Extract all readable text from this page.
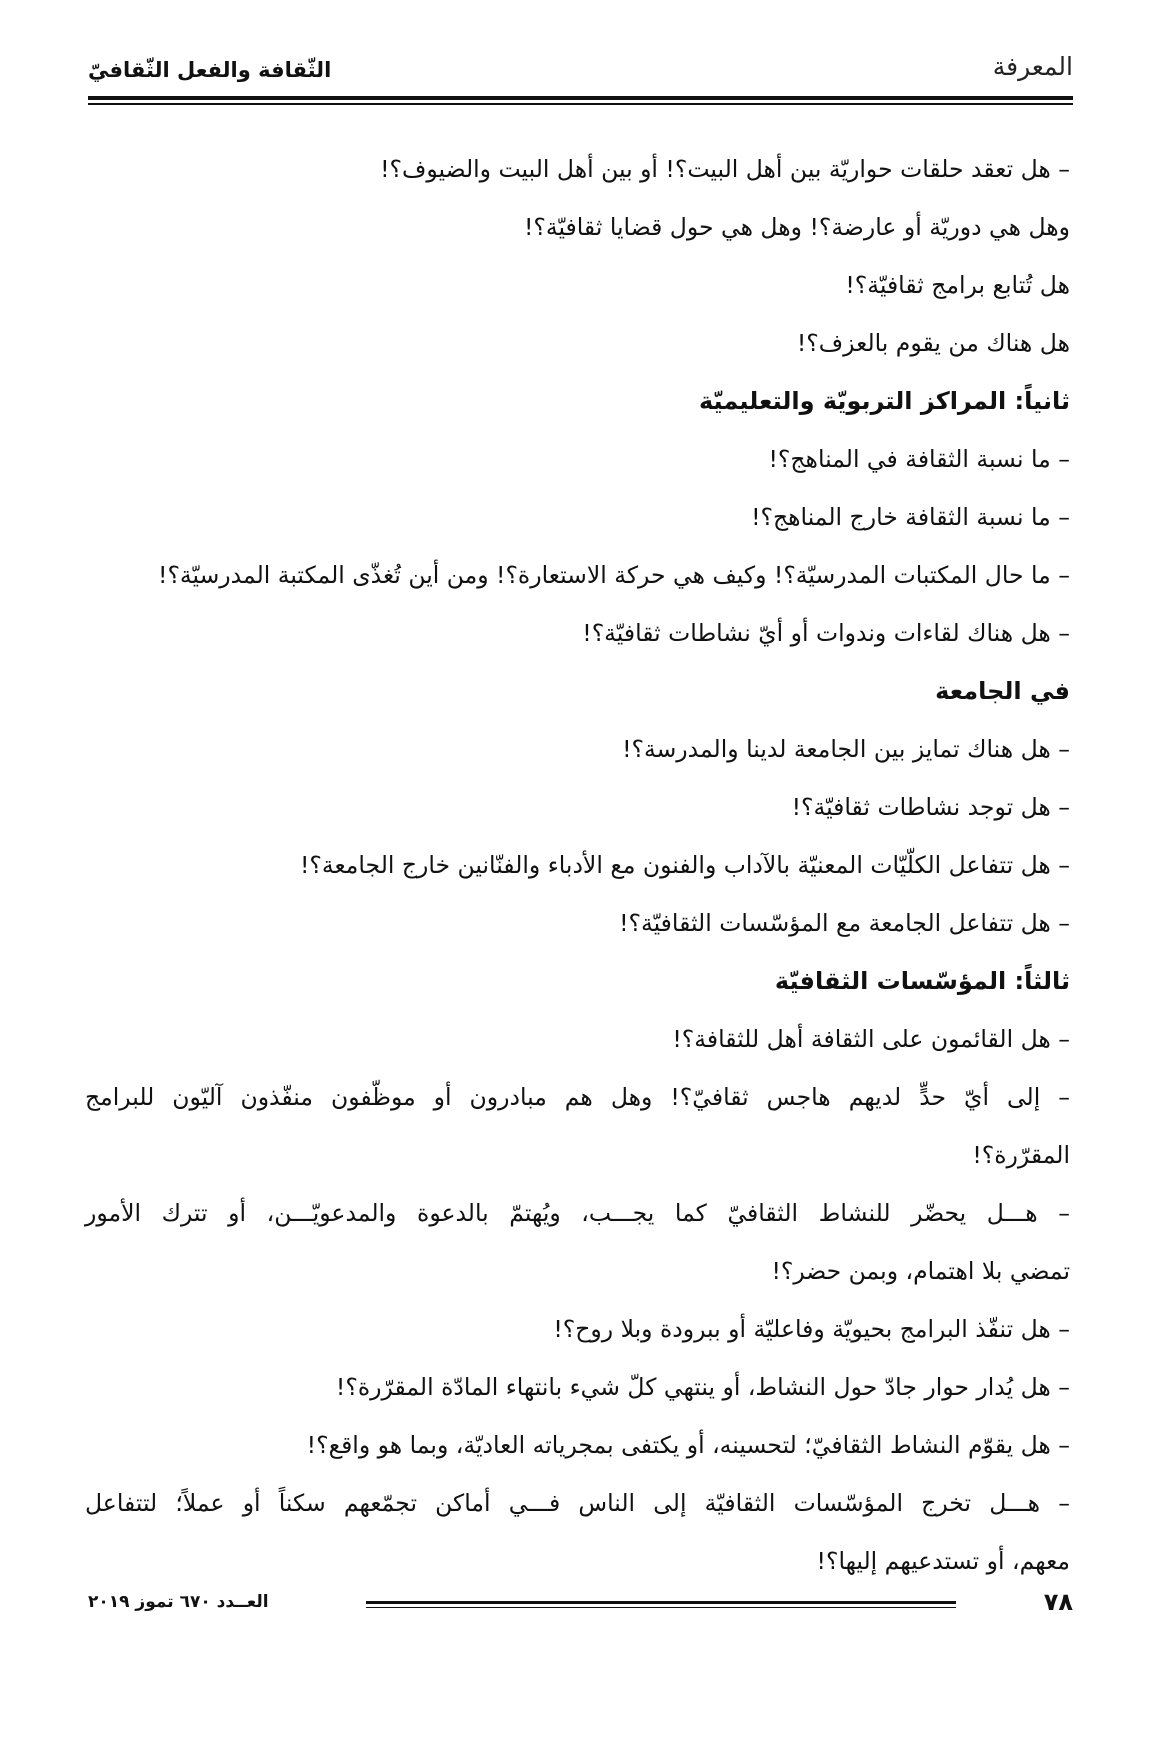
المعرفة
الثّقافة والفعل الثّقافيّ

– هل تعقد حلقات حواريّة بين أهل البيت؟! أو بين أهل البيت والضيوف؟!

وهل هي دوريّة أو عارضة؟! وهل هي حول قضايا ثقافيّة؟!

هل تُتابع برامج ثقافيّة؟!

هل هناك من يقوم بالعزف؟!

ثانياً: المراكز التربويّة والتعليميّة

– ما نسبة الثقافة في المناهج؟!

– ما نسبة الثقافة خارج المناهج؟!

– ما حال المكتبات المدرسيّة؟! وكيف هي حركة الاستعارة؟! ومن أين تُغذّى المكتبة المدرسيّة؟!

– هل هناك لقاءات وندوات أو أيّ نشاطات ثقافيّة؟!

في الجامعة

– هل هناك تمايز بين الجامعة لدينا والمدرسة؟!

– هل توجد نشاطات ثقافيّة؟!

– هل تتفاعل الكلّيّات المعنيّة بالآداب والفنون مع الأدباء والفنّانين خارج الجامعة؟!

– هل تتفاعل الجامعة مع المؤسّسات الثقافيّة؟!

ثالثاً: المؤسّسات الثقافيّة

– هل القائمون على الثقافة أهل للثقافة؟!

– إلى أيّ حدٍّ لديهم هاجس ثقافيّ؟! وهل هم مبادرون أو موظّفون منفّذون آليّون للبرامج

المقرّرة؟!

– هـــل يحضّر للنشاط الثقافيّ كما يجـــب، ويُهتمّ بالدعوة والمدعويّـــن، أو تترك الأمور

تمضي بلا اهتمام، وبمن حضر؟!

– هل تنفّذ البرامج بحيويّة وفاعليّة أو ببرودة وبلا روح؟!

– هل يُدار حوار جادّ حول النشاط، أو ينتهي كلّ شيء بانتهاء المادّة المقرّرة؟!

– هل يقوّم النشاط الثقافيّ؛ لتحسينه، أو يكتفى بمجرياته العاديّة، وبما هو واقع؟!

– هـــل تخرج المؤسّسات الثقافيّة إلى الناس فـــي أماكن تجمّعهم سكناً أو عملاً؛ لتتفاعل

معهم، أو تستدعيهم إليها؟!

٧٨
العــدد ٦٧٠ تموز ٢٠١٩
